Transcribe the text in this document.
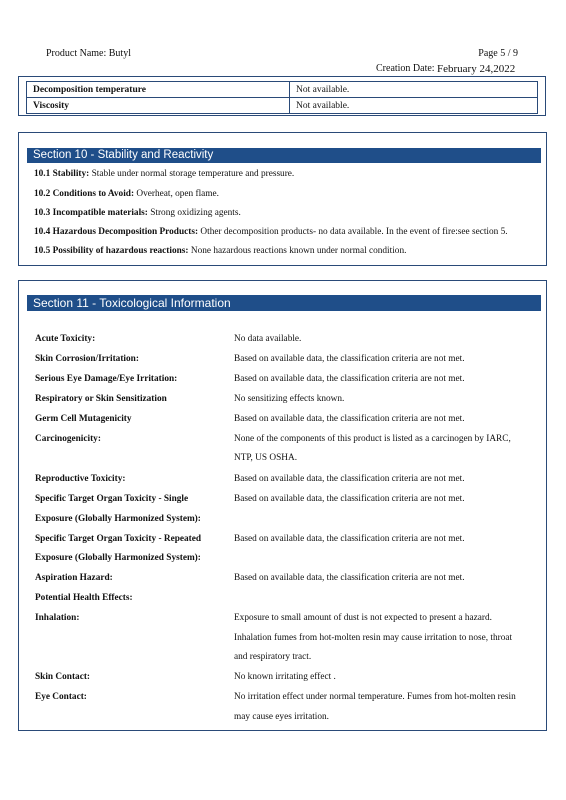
Product Name: Butyl	Page 5 / 9
Creation Date: February 24,2022
Decomposition temperature	Not available.
Viscosity	Not available.
Section 10 - Stability and Reactivity
10.1 Stability: Stable under normal storage temperature and pressure.
10.2 Conditions to Avoid: Overheat, open flame.
10.3 Incompatible materials: Strong oxidizing agents.
10.4 Hazardous Decomposition Products: Other decomposition products- no data available. In the event of fire:see section 5.
10.5 Possibility of hazardous reactions: None hazardous reactions known under normal condition.
Section 11 - Toxicological Information
Acute Toxicity:	No data available.
Skin Corrosion/Irritation:	Based on available data, the classification criteria are not met.
Serious Eye Damage/Eye Irritation:	Based on available data, the classification criteria are not met.
Respiratory or Skin Sensitization	No sensitizing effects known.
Germ Cell Mutagenicity	Based on available data, the classification criteria are not met.
Carcinogenicity:	None of the components of this product is listed as a carcinogen by IARC,
NTP, US OSHA.
Reproductive Toxicity:	Based on available data, the classification criteria are not met.
Specific Target Organ Toxicity - Single	Based on available data, the classification criteria are not met.
Exposure (Globally Harmonized System):
Specific Target Organ Toxicity - Repeated	Based on available data, the classification criteria are not met.
Exposure (Globally Harmonized System):
Aspiration Hazard:	Based on available data, the classification criteria are not met.
Potential Health Effects:
Inhalation:	Exposure to small amount of dust is not expected to present a hazard.
Inhalation fumes from hot-molten resin may cause irritation to nose, throat
and respiratory tract.
Skin Contact:	No known irritating effect .
Eye Contact:	No irritation effect under normal temperature. Fumes from hot-molten resin
may cause eyes irritation.
